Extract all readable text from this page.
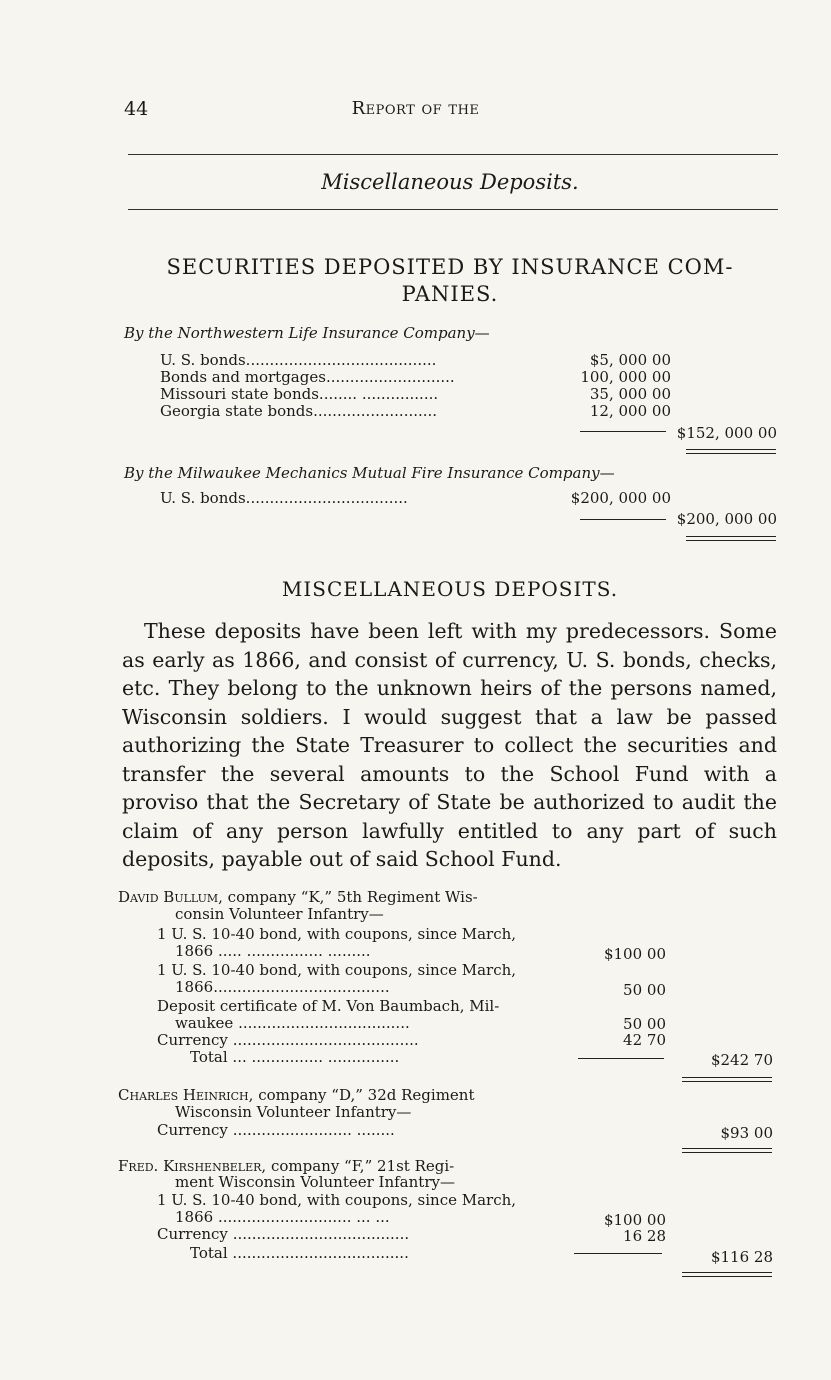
44	Report of the
Miscellaneous Deposits.
SECURITIES DEPOSITED BY INSURANCE COM-
PANIES.
By the Northwestern Life Insurance Company—
U. S. bonds........................................	$5, 000 00
Bonds and mortgages...........................	100, 000 00
Missouri state bonds........ ................	35, 000 00
Georgia state bonds..........................	12, 000 00
$152, 000 00
By the Milwaukee Mechanics Mutual Fire Insurance Company—
U. S. bonds..................................	$200, 000 00
$200, 000 00
MISCELLANEOUS DEPOSITS.
These deposits have been left with my predecessors. Some as early as 1866, and consist of currency, U. S. bonds, checks, etc. They belong to the unknown heirs of the persons named, Wisconsin soldiers. I would suggest that a law be passed authorizing the State Treasurer to collect the securities and transfer the several amounts to the School Fund with a proviso that the Secretary of State be authorized to audit the claim of any person lawfully entitled to any part of such deposits, payable out of said School Fund.
David Bullum, company “K,” 5th Regiment Wis-
consin Volunteer Infantry—
1 U. S. 10-40 bond, with coupons, since March,
1866 ..... ................ .........	$100 00
1 U. S. 10-40 bond, with coupons, since March,
1866.....................................	50 00
Deposit certificate of M. Von Baumbach, Mil-
waukee ....................................	50 00
Currency .......................................	42 70
Total ... ............... ...............	$242 70
Charles Heinrich, company “D,” 32d Regiment
Wisconsin Volunteer Infantry—
Currency ......................... ........	$93 00
Fred. Kirshenbeler, company “F,” 21st Regi-
ment Wisconsin Volunteer Infantry—
1 U. S. 10-40 bond, with coupons, since March,
1866 ............................ ... ...	$100 00
Currency .....................................	16 28
Total .....................................	$116 28
